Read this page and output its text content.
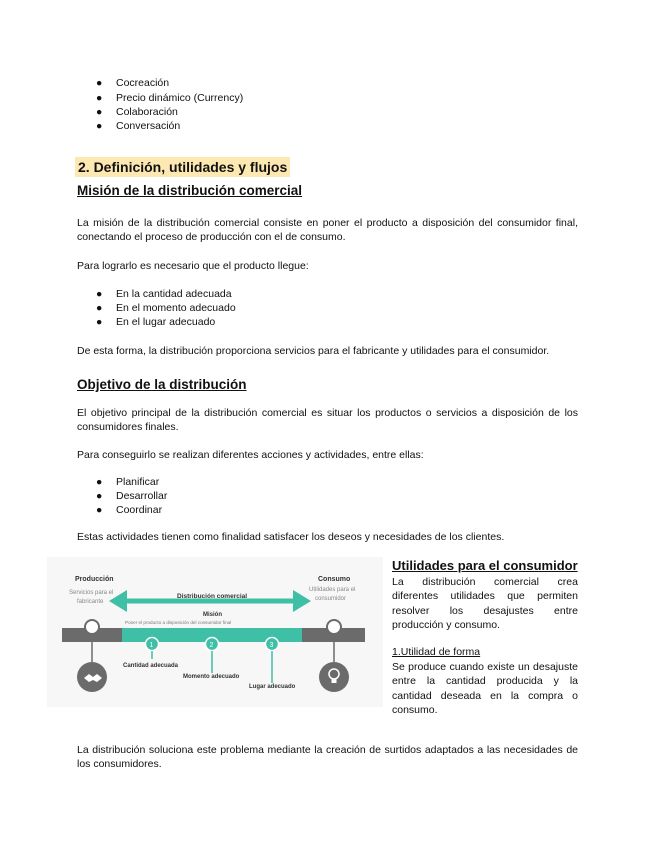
● Cocreación
● Precio dinámico (Currency)
● Colaboración
● Conversación
2. Definición, utilidades y flujos
Misión de la distribución comercial

La misión de la distribución comercial consiste en poner el producto a disposición del consumidor final, conectando el proceso de producción con el de consumo.

Para lograrlo es necesario que el producto llegue:

● En la cantidad adecuada
● En el momento adecuado
● En el lugar adecuado

De esta forma, la distribución proporciona servicios para el fabricante y utilidades para el consumidor.

Objetivo de la distribución

El objetivo principal de la distribución comercial es situar los productos o servicios a disposición de los consumidores finales.

Para conseguirlo se realizan diferentes acciones y actividades, entre ellas:

● Planificar
● Desarrollar
● Coordinar

Estas actividades tienen como finalidad satisfacer los deseos y necesidades de los clientes.

Producción
Servicios para el
fabricante
Consumo
Utilidades para el
consumidor
Distribución comercial
Misión
Poner el producto a disposición del consumidor final
1	2	3
Cantidad adecuada
Momento adecuado
Lugar adecuado
Utilidades para el consumidor

La distribución comercial crea diferentes utilidades que permiten resolver los desajustes entre producción y consumo.

1.Utilidad de forma

Se produce cuando existe un desajuste entre la cantidad producida y la cantidad deseada en la compra o consumo.

La distribución soluciona este problema mediante la creación de surtidos adaptados a las necesidades de los consumidores.
